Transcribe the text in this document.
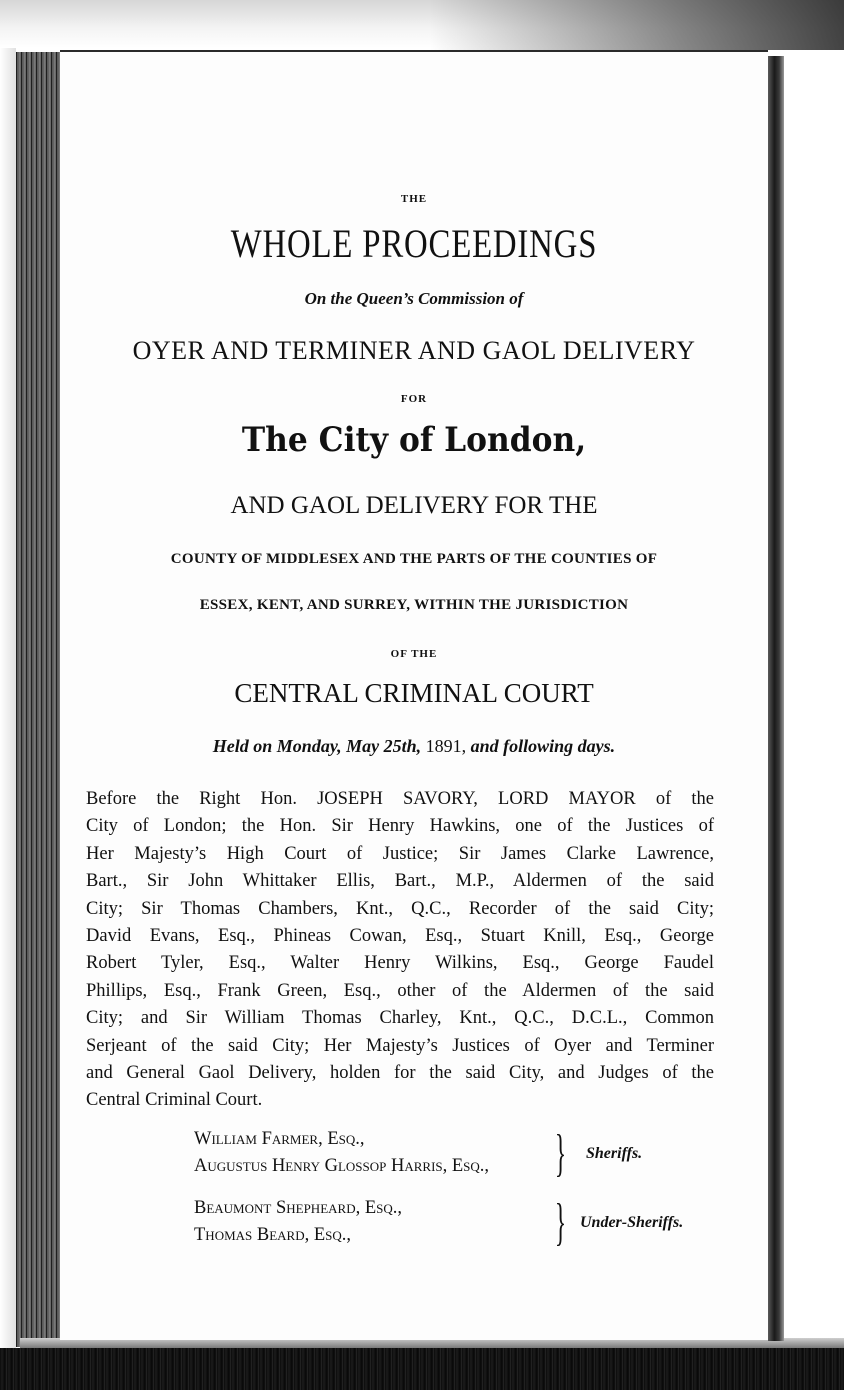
THE

WHOLE PROCEEDINGS

On the Queen’s Commission of

OYER AND TERMINER AND GAOL DELIVERY

FOR

The City of London,

AND GAOL DELIVERY FOR THE

COUNTY OF MIDDLESEX AND THE PARTS OF THE COUNTIES OF

ESSEX, KENT, AND SURREY, WITHIN THE JURISDICTION

OF THE

CENTRAL CRIMINAL COURT

Held on Monday, May 25th, 1891, and following days.

Before the Right Hon. JOSEPH SAVORY, LORD MAYOR of the
City of London; the Hon. Sir Henry Hawkins, one of the Justices of
Her Majesty’s High Court of Justice; Sir James Clarke Lawrence,
Bart., Sir John Whittaker Ellis, Bart., M.P., Aldermen of the said
City; Sir Thomas Chambers, Knt., Q.C., Recorder of the said City;
David Evans, Esq., Phineas Cowan, Esq., Stuart Knill, Esq., George
Robert Tyler, Esq., Walter Henry Wilkins, Esq., George Faudel
Phillips, Esq., Frank Green, Esq., other of the Aldermen of the said
City; and Sir William Thomas Charley, Knt., Q.C., D.C.L., Common
Serjeant of the said City; Her Majesty’s Justices of Oyer and Terminer
and General Gaol Delivery, holden for the said City, and Judges of the
Central Criminal Court.
William Farmer, Esq.,
Augustus Henry Glossop Harris, Esq., } Sheriffs.
Beaumont Shepheard, Esq.,
Thomas Beard, Esq.,	} Under-Sheriffs.
